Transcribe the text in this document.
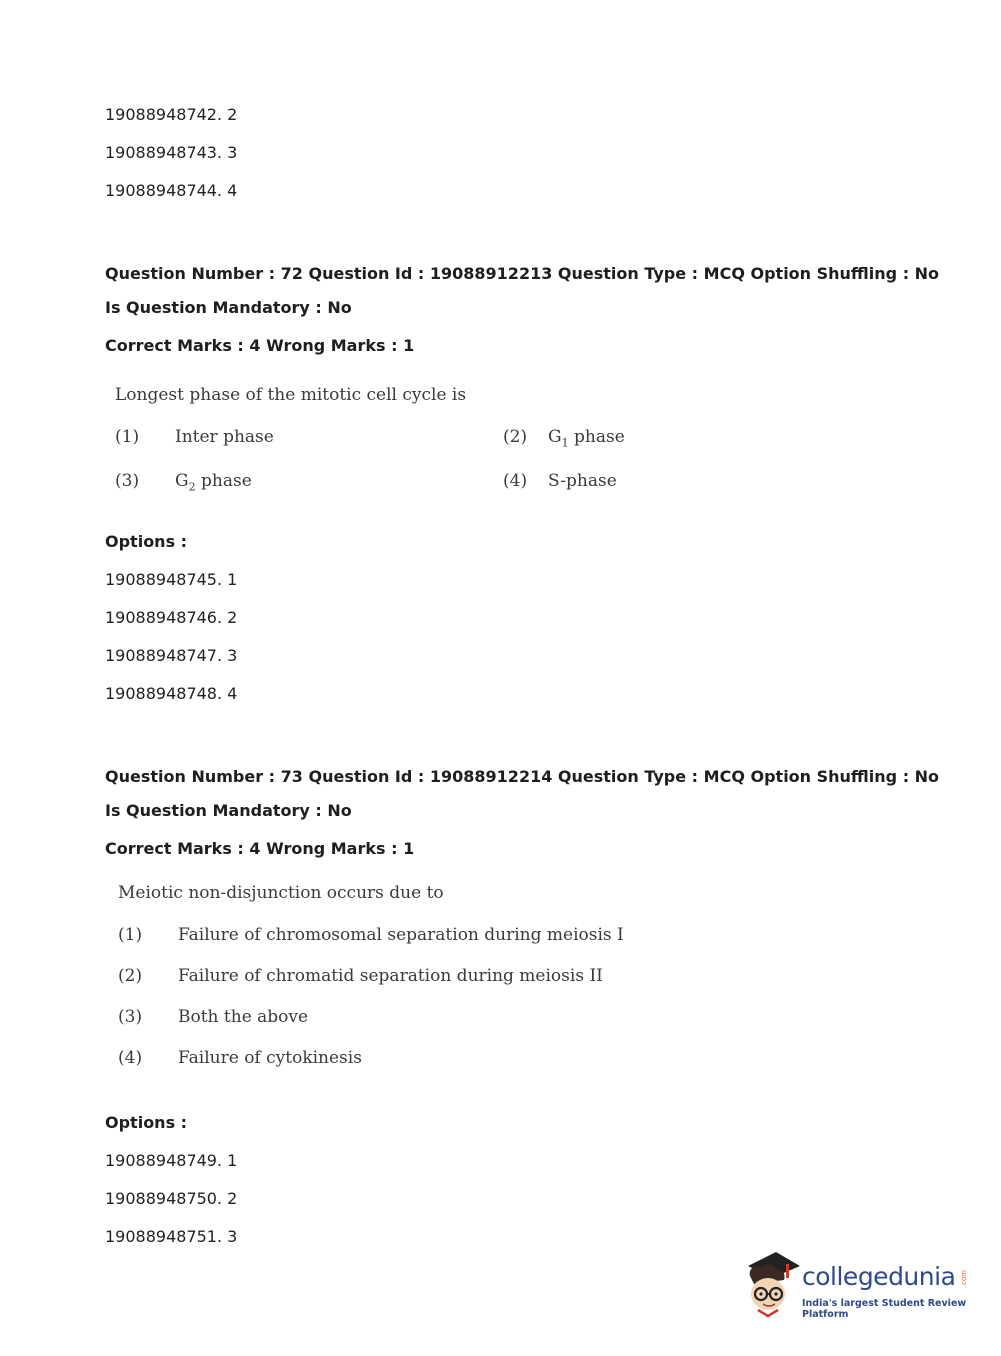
19088948742. 2
19088948743. 3
19088948744. 4
Question Number : 72 Question Id : 19088912213 Question Type : MCQ Option Shuffling : No
Is Question Mandatory : No
Correct Marks : 4 Wrong Marks : 1
Longest phase of the mitotic cell cycle is
(1) Inter phase	(2) $G_1$ phase
(3) $G_2$ phase	(4) S-phase
Options :
19088948745. 1
19088948746. 2
19088948747. 3
19088948748. 4
Question Number : 73 Question Id : 19088912214 Question Type : MCQ Option Shuffling : No
Is Question Mandatory : No
Correct Marks : 4 Wrong Marks : 1
Meiotic non-disjunction occurs due to
(1) Failure of chromosomal separation during meiosis I
(2) Failure of chromatid separation during meiosis II
(3) Both the above
(4) Failure of cytokinesis
Options :
19088948749. 1
19088948750. 2
19088948751. 3
collegedunia .com
India's largest Student Review Platform
